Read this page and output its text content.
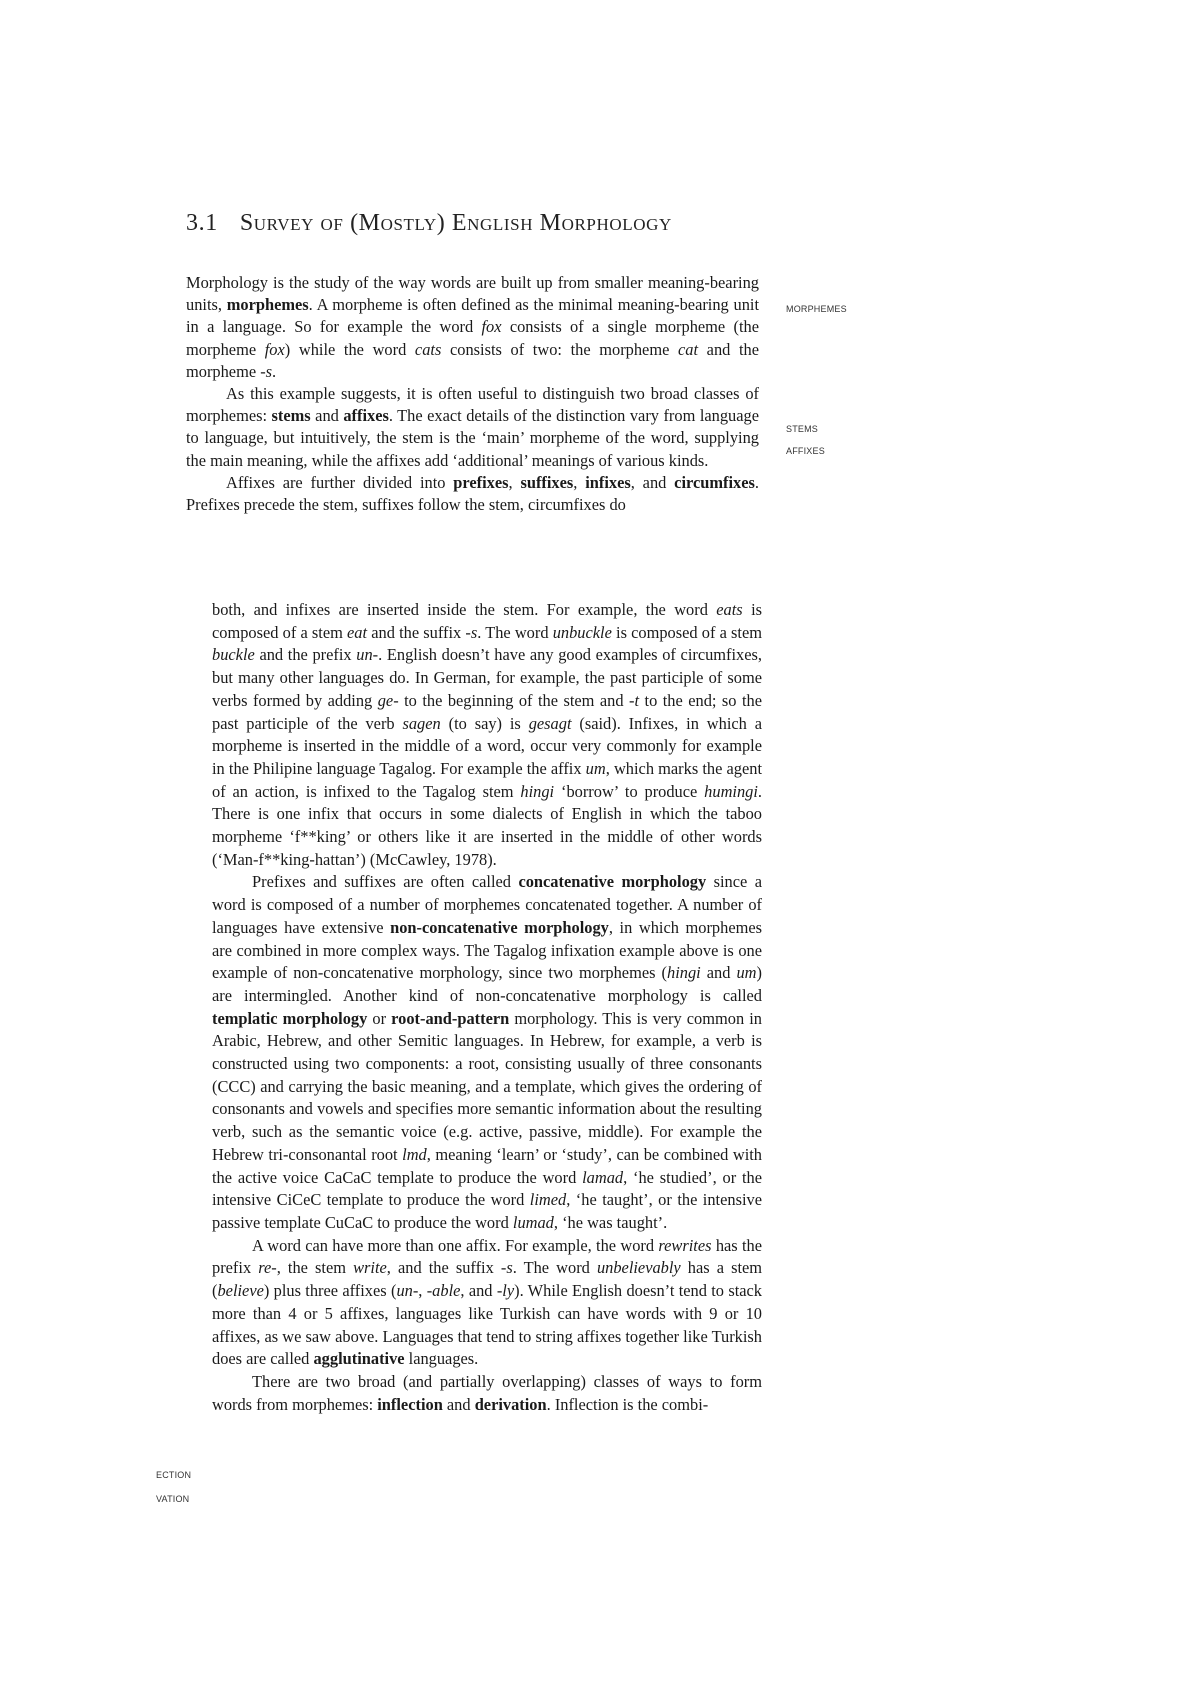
3.1 Survey of (Mostly) English Morphology

Morphology is the study of the way words are built up from smaller meaning-bearing units, morphemes. A morpheme is often defined as the minimal meaning-bearing unit in a language. So for example the word fox consists of a single morpheme (the morpheme fox) while the word cats consists of two: the morpheme cat and the morpheme -s.

As this example suggests, it is often useful to distinguish two broad classes of morphemes: stems and affixes. The exact details of the distinction vary from language to language, but intuitively, the stem is the ‘main’ morpheme of the word, supplying the main meaning, while the affixes add ‘additional’ meanings of various kinds.

Affixes are further divided into prefixes, suffixes, infixes, and circumfixes. Prefixes precede the stem, suffixes follow the stem, circumfixes do

MORPHEMES
STEMS
AFFIXES

both, and infixes are inserted inside the stem. For example, the word eats is composed of a stem eat and the suffix -s. The word unbuckle is composed of a stem buckle and the prefix un-. English doesn’t have any good examples of circumfixes, but many other languages do. In German, for example, the past participle of some verbs formed by adding ge- to the beginning of the stem and -t to the end; so the past participle of the verb sagen (to say) is gesagt (said). Infixes, in which a morpheme is inserted in the middle of a word, occur very commonly for example in the Philipine language Tagalog. For example the affix um, which marks the agent of an action, is infixed to the Tagalog stem hingi ‘borrow’ to produce humingi. There is one infix that occurs in some dialects of English in which the taboo morpheme ‘f**king’ or others like it are inserted in the middle of other words (‘Man-f**king-hattan’) (McCawley, 1978).

Prefixes and suffixes are often called concatenative morphology since a word is composed of a number of morphemes concatenated together. A number of languages have extensive non-concatenative morphology, in which morphemes are combined in more complex ways. The Tagalog infixation example above is one example of non-concatenative morphology, since two morphemes (hingi and um) are intermingled. Another kind of non-concatenative morphology is called templatic morphology or root-and-pattern morphology. This is very common in Arabic, Hebrew, and other Semitic languages. In Hebrew, for example, a verb is constructed using two components: a root, consisting usually of three consonants (CCC) and carrying the basic meaning, and a template, which gives the ordering of consonants and vowels and specifies more semantic information about the resulting verb, such as the semantic voice (e.g. active, passive, middle). For example the Hebrew tri-consonantal root lmd, meaning ‘learn’ or ‘study’, can be combined with the active voice CaCaC template to produce the word lamad, ‘he studied’, or the intensive CiCeC template to produce the word limed, ‘he taught’, or the intensive passive template CuCaC to produce the word lumad, ‘he was taught’.

A word can have more than one affix. For example, the word rewrites has the prefix re-, the stem write, and the suffix -s. The word unbelievably has a stem (believe) plus three affixes (un-, -able, and -ly). While English doesn’t tend to stack more than 4 or 5 affixes, languages like Turkish can have words with 9 or 10 affixes, as we saw above. Languages that tend to string affixes together like Turkish does are called agglutinative languages.

There are two broad (and partially overlapping) classes of ways to form words from morphemes: inflection and derivation. Inflection is the combi-

ECTION
VATION
